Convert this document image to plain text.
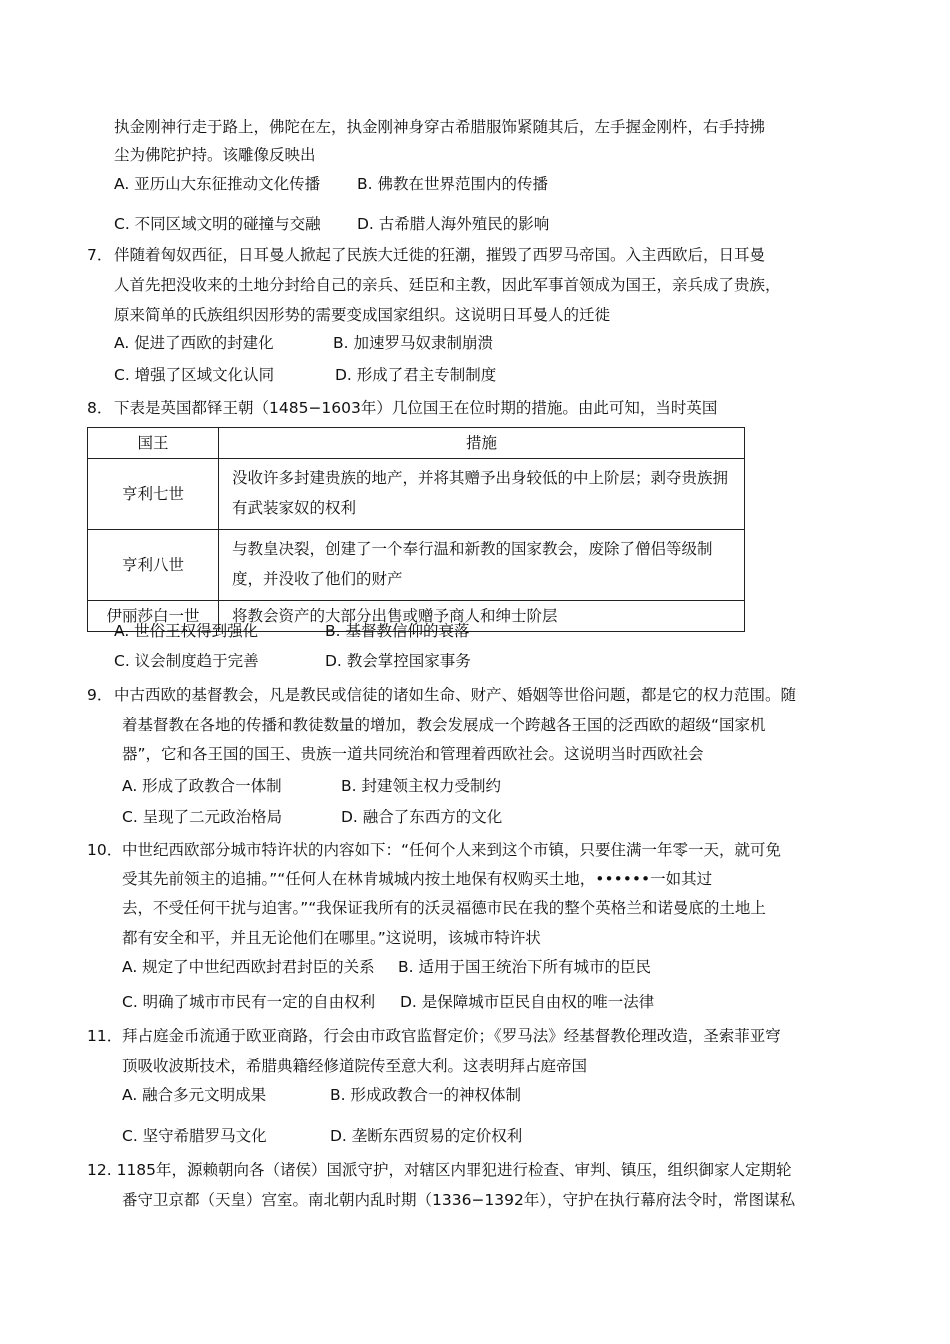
执金刚神行走于路上，佛陀在左，执金刚神身穿古希腊服饰紧随其后，左手握金刚杵，右手持拂
尘为佛陀护持。该雕像反映出
A. 亚历山大东征推动文化传播 B. 佛教在世界范围内的传播
C. 不同区域文明的碰撞与交融 D. 古希腊人海外殖民的影响
7． 伴随着匈奴西征，日耳曼人掀起了民族大迁徙的狂潮，摧毁了西罗马帝国。入主西欧后，日耳曼
人首先把没收来的土地分封给自己的亲兵、廷臣和主教，因此军事首领成为国王，亲兵成了贵族，
原来简单的氏族组织因形势的需要变成国家组织。这说明日耳曼人的迁徙
A. 促进了西欧的封建化	B. 加速罗马奴隶制崩溃
C. 增强了区域文化认同	D. 形成了君主专制制度
8． 下表是英国都铎王朝（1485−1603年）几位国王在位时期的措施。由此可知，当时英国
国王	措施
亨利七世	没收许多封建贵族的地产，并将其赠予出身较低的中上阶层；剥夺贵族拥有武装家奴的权利
亨利八世	与教皇决裂，创建了一个奉行温和新教的国家教会，废除了僧侣等级制度，并没收了他们的财产
伊丽莎白一世	将教会资产的大部分出售或赠予商人和绅士阶层
A. 世俗王权得到强化	B. 基督教信仰的衰落
C. 议会制度趋于完善	D. 教会掌控国家事务
9． 中古西欧的基督教会，凡是教民或信徒的诸如生命、财产、婚姻等世俗问题，都是它的权力范围。随
着基督教在各地的传播和教徒数量的增加，教会发展成一个跨越各王国的泛西欧的超级“国家机
器”，它和各王国的国王、贵族一道共同统治和管理着西欧社会。这说明当时西欧社会
A. 形成了政教合一体制	B. 封建领主权力受制约
C. 呈现了二元政治格局	D. 融合了东西方的文化
10． 中世纪西欧部分城市特许状的内容如下：“任何个人来到这个市镇，只要住满一年零一天，就可免
受其先前领主的追捕。”“任何人在林肯城城内按土地保有权购买土地，••••••一如其过
去，不受任何干扰与迫害。”“我保证我所有的沃灵福德市民在我的整个英格兰和诺曼底的土地上
都有安全和平，并且无论他们在哪里。”这说明，该城市特许状
A. 规定了中世纪西欧封君封臣的关系 B. 适用于国王统治下所有城市的臣民
C. 明确了城市市民有一定的自由权利 D. 是保障城市臣民自由权的唯一法律
11． 拜占庭金币流通于欧亚商路，行会由市政官监督定价；《罗马法》经基督教伦理改造，圣索菲亚穹
顶吸收波斯技术，希腊典籍经修道院传至意大利。这表明拜占庭帝国
A. 融合多元文明成果	B. 形成政教合一的神权体制
C. 坚守希腊罗马文化	D. 垄断东西贸易的定价权利
12. 1185年，源赖朝向各（诸侯）国派守护，对辖区内罪犯进行检查、审判、镇压，组织御家人定期轮
番守卫京都（天皇）宫室。南北朝内乱时期（1336−1392年），守护在执行幕府法令时，常图谋私
